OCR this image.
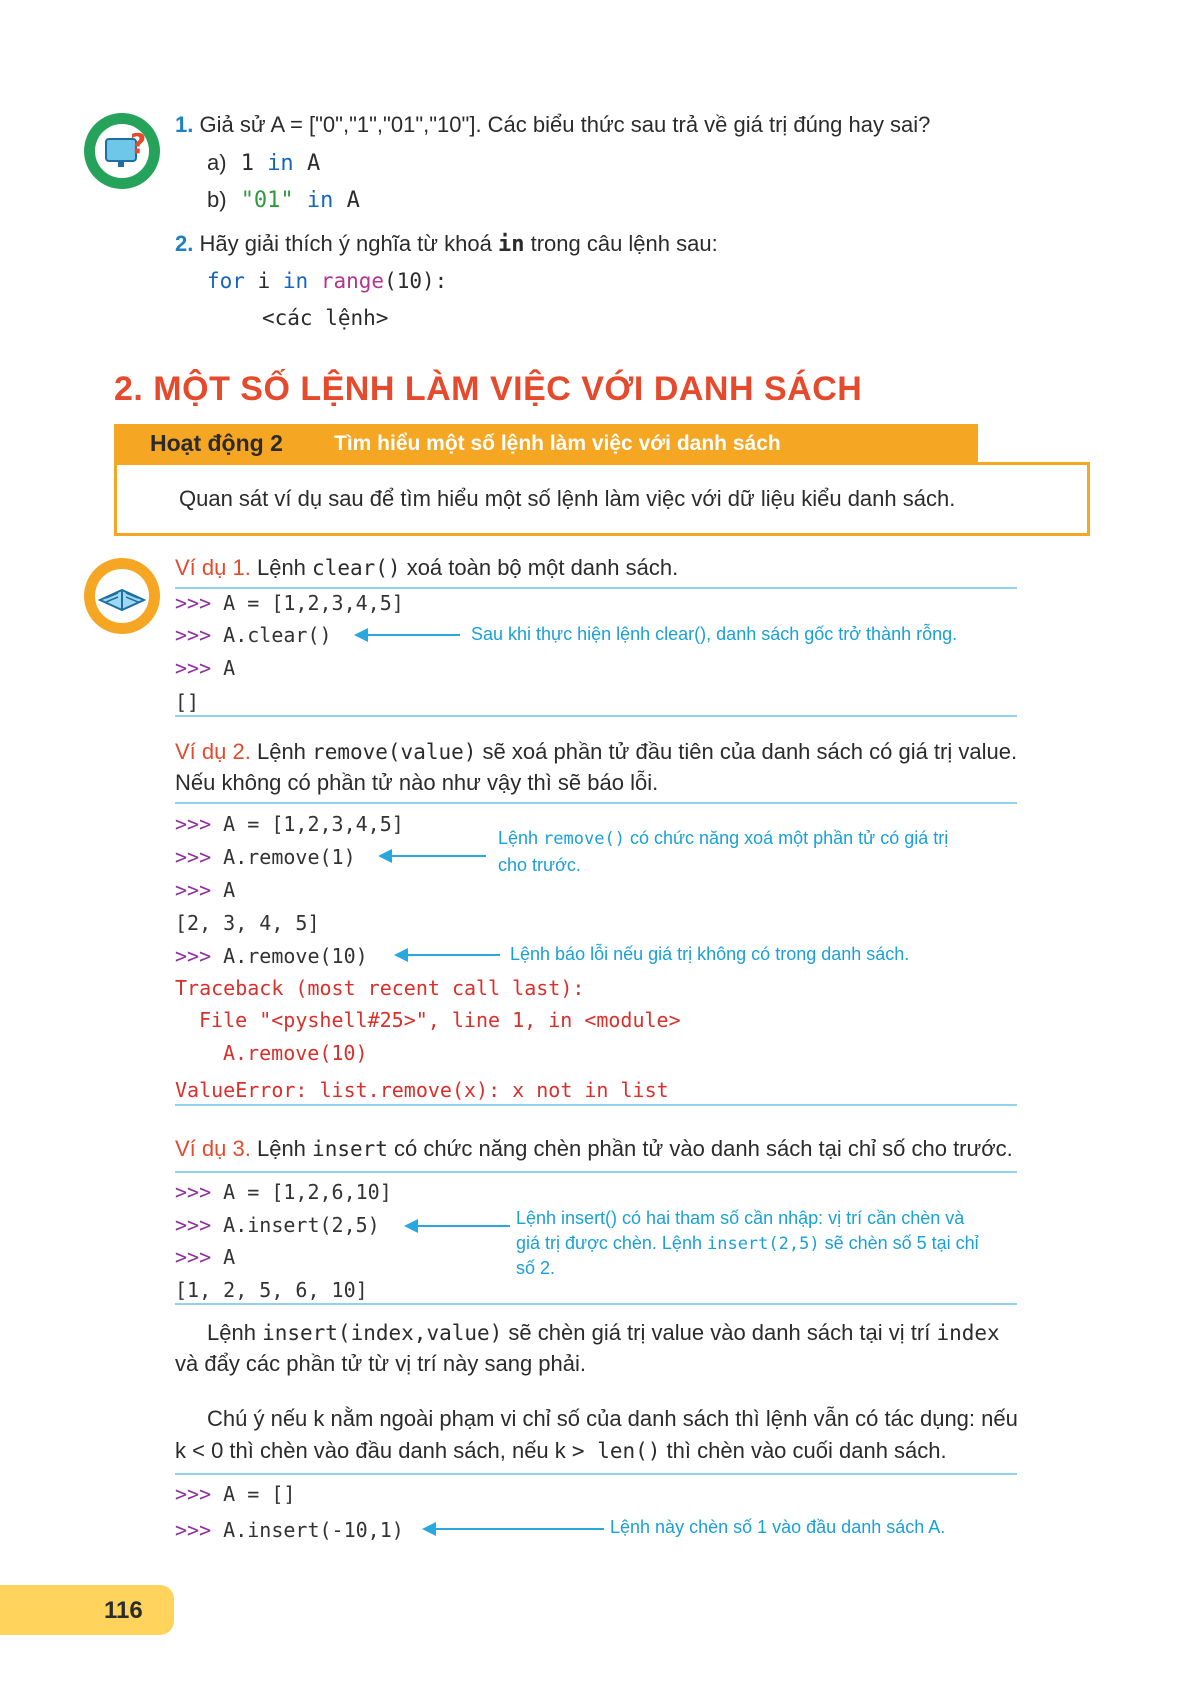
?
1. Giả sử A = ["0","1","01","10"]. Các biểu thức sau trả về giá trị đúng hay sai?
a) 1 in A
b) "01" in A
2. Hãy giải thích ý nghĩa từ khoá in trong câu lệnh sau:
for i in range(10):
<các lệnh>
2. MỘT SỐ LỆNH LÀM VIỆC VỚI DANH SÁCH
Hoạt động 2 Tìm hiểu một số lệnh làm việc với danh sách
Quan sát ví dụ sau để tìm hiểu một số lệnh làm việc với dữ liệu kiểu danh sách.
Ví dụ 1. Lệnh clear() xoá toàn bộ một danh sách.
>>> A = [1,2,3,4,5]
>>> A.clear()
>>> A
[]
Sau khi thực hiện lệnh clear(), danh sách gốc trở thành rỗng.
Ví dụ 2. Lệnh remove(value) sẽ xoá phần tử đầu tiên của danh sách có giá trị value.
Nếu không có phần tử nào như vậy thì sẽ báo lỗi.
>>> A = [1,2,3,4,5]
>>> A.remove(1)
>>> A
[2, 3, 4, 5]
>>> A.remove(10)
Traceback (most recent call last):
File "<pyshell#25>", line 1, in <module>
A.remove(10)
ValueError: list.remove(x): x not in list
Lệnh remove() có chức năng xoá một phần tử có giá trị
cho trước.
Lệnh báo lỗi nếu giá trị không có trong danh sách.
Ví dụ 3. Lệnh insert có chức năng chèn phần tử vào danh sách tại chỉ số cho trước.
>>> A = [1,2,6,10]
>>> A.insert(2,5)
>>> A
[1, 2, 5, 6, 10]
Lệnh insert() có hai tham số cần nhập: vị trí cần chèn và
giá trị được chèn. Lệnh insert(2,5) sẽ chèn số 5 tại chỉ
số 2.
Lệnh insert(index,value) sẽ chèn giá trị value vào danh sách tại vị trí index
và đẩy các phần tử từ vị trí này sang phải.
Chú ý nếu k nằm ngoài phạm vi chỉ số của danh sách thì lệnh vẫn có tác dụng: nếu
k < 0 thì chèn vào đầu danh sách, nếu k > len() thì chèn vào cuối danh sách.
>>> A = []
>>> A.insert(-10,1)	Lệnh này chèn số 1 vào đầu danh sách A.
116
